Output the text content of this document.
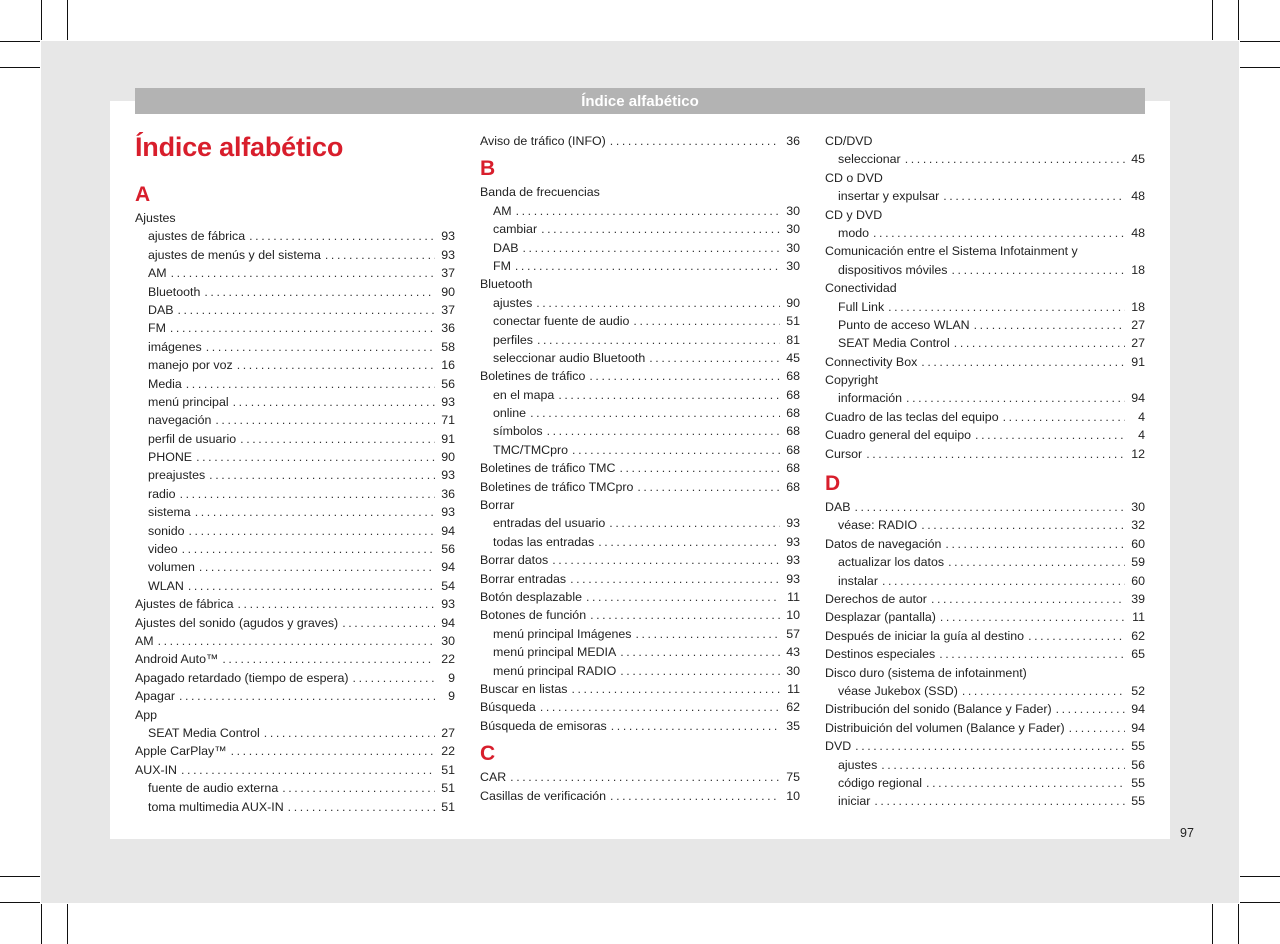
Índice alfabético
Índice alfabético
A
Ajustes
ajustes de fábrica .....	93
ajustes de menús y del sistema .....	93
AM .....	37
Bluetooth .....	90
DAB .....	37
FM .....	36
imágenes .....	58
manejo por voz .....	16
Media .....	56
menú principal .....	93
navegación .....	71
perfil de usuario .....	91
PHONE .....	90
preajustes .....	93
radio .....	36
sistema .....	93
sonido .....	94
video .....	56
volumen .....	94
WLAN .....	54
Ajustes de fábrica .....	93
Ajustes del sonido (agudos y graves) .....	94
AM .....	30
Android Auto™ .....	22
Apagado retardado (tiempo de espera) .....	9
Apagar .....	9
App
SEAT Media Control .....	27
Apple CarPlay™ .....	22
AUX-IN .....	51
fuente de audio externa .....	51
toma multimedia AUX-IN .....	51
Aviso de tráfico (INFO) .....	36
B
Banda de frecuencias
AM .....	30
cambiar .....	30
DAB .....	30
FM .....	30
Bluetooth
ajustes .....	90
conectar fuente de audio .....	51
perfiles .....	81
seleccionar audio Bluetooth .....	45
Boletines de tráfico .....	68
en el mapa .....	68
online .....	68
símbolos .....	68
TMC/TMCpro .....	68
Boletines de tráfico TMC .....	68
Boletines de tráfico TMCpro .....	68
Borrar
entradas del usuario .....	93
todas las entradas .....	93
Borrar datos .....	93
Borrar entradas .....	93
Botón desplazable .....	11
Botones de función .....	10
menú principal Imágenes .....	57
menú principal MEDIA .....	43
menú principal RADIO .....	30
Buscar en listas .....	11
Búsqueda .....	62
Búsqueda de emisoras .....	35
C
CAR .....	75
Casillas de verificación .....	10
CD/DVD
seleccionar .....	45
CD o DVD
insertar y expulsar .....	48
CD y DVD
modo .....	48
Comunicación entre el Sistema Infotainment y
dispositivos móviles .....	18
Conectividad
Full Link .....	18
Punto de acceso WLAN .....	27
SEAT Media Control .....	27
Connectivity Box .....	91
Copyright
información .....	94
Cuadro de las teclas del equipo .....	4
Cuadro general del equipo .....	4
Cursor .....	12
D
DAB .....	30
véase: RADIO .....	32
Datos de navegación .....	60
actualizar los datos .....	59
instalar .....	60
Derechos de autor .....	39
Desplazar (pantalla) .....	11
Después de iniciar la guía al destino .....	62
Destinos especiales .....	65
Disco duro (sistema de infotainment)
véase Jukebox (SSD) .....	52
Distribución del sonido (Balance y Fader) .....	94
Distribuición del volumen (Balance y Fader) .....	94
DVD .....	55
ajustes .....	56
código regional .....	55
iniciar .....	55
97
